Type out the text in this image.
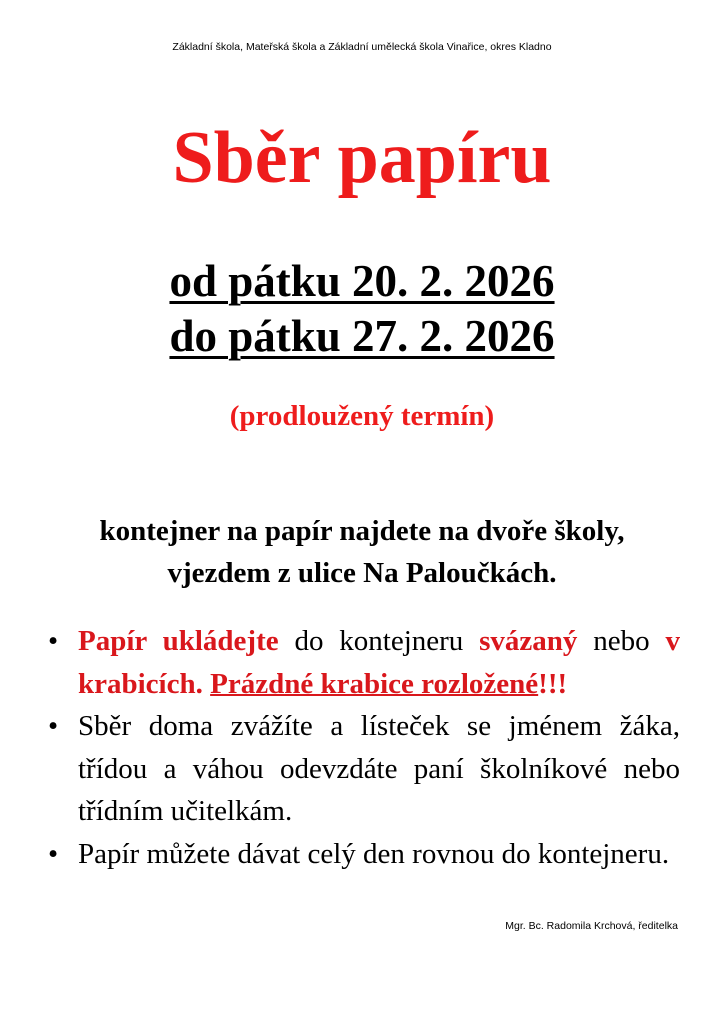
Základní škola, Mateřská škola a Základní umělecká škola Vinařice, okres Kladno
Sběr papíru
od pátku 20. 2. 2026
do pátku 27. 2. 2026
(prodloužený termín)
kontejner na papír najdete na dvoře školy,
vjezdem z ulice Na Paloučkách.
• Papír ukládejte do kontejneru svázaný nebo v krabicích. Prázdné krabice rozložené!!!
• Sběr doma zvážíte a lísteček se jménem žáka, třídou a váhou odevzdáte paní školníkové nebo třídním učitelkám.
• Papír můžete dávat celý den rovnou do kontejneru.
Mgr. Bc. Radomila Krchová, ředitelka
